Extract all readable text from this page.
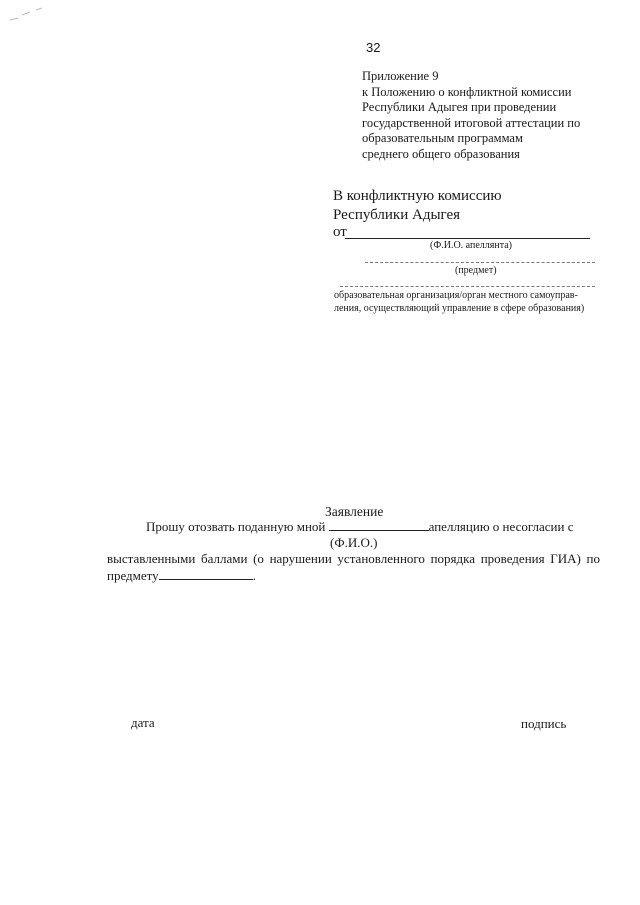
32
Приложение 9
к Положению о конфликтной комиссии
Республики Адыгея при проведении
государственной итоговой аттестации по
образовательным программам
среднего общего образования
В конфликтную комиссию
Республики Адыгея
от
(Ф.И.О. апеллянта)
(предмет)
образовательная организация/орган местного самоуправ-
ления, осуществляющий управление в сфере образования)
Заявление
Прошу отозвать поданную мной	апелляцию о несогласии с
(Ф.И.О.)
выставленными баллами (о нарушении установленного порядка проведения ГИА) по
предмету	.
дата	подпись
